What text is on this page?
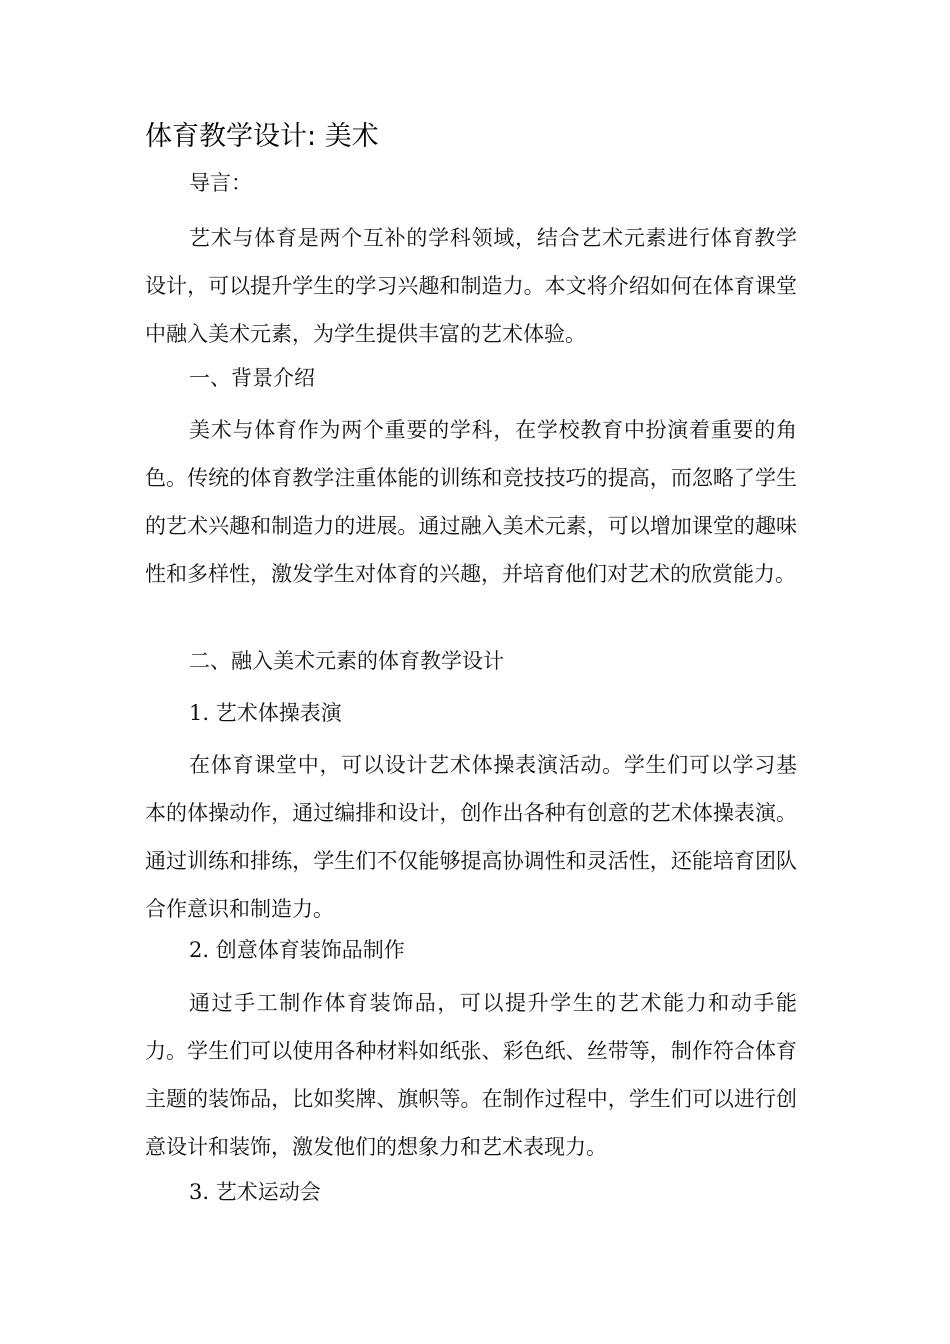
体育教学设计: 美术
导言：

艺术与体育是两个互补的学科领域，结合艺术元素进行体育教学设计，可以提升学生的学习兴趣和制造力。本文将介绍如何在体育课堂中融入美术元素，为学生提供丰富的艺术体验。

一、背景介绍

美术与体育作为两个重要的学科，在学校教育中扮演着重要的角色。传统的体育教学注重体能的训练和竞技技巧的提高，而忽略了学生的艺术兴趣和制造力的进展。通过融入美术元素，可以增加课堂的趣味性和多样性，激发学生对体育的兴趣，并培育他们对艺术的欣赏能力。

二、融入美术元素的体育教学设计
1. 艺术体操表演

在体育课堂中，可以设计艺术体操表演活动。学生们可以学习基本的体操动作，通过编排和设计，创作出各种有创意的艺术体操表演。通过训练和排练，学生们不仅能够提高协调性和灵活性，还能培育团队合作意识和制造力。

2. 创意体育装饰品制作

通过手工制作体育装饰品，可以提升学生的艺术能力和动手能力。学生们可以使用各种材料如纸张、彩色纸、丝带等，制作符合体育主题的装饰品，比如奖牌、旗帜等。在制作过程中，学生们可以进行创意设计和装饰，激发他们的想象力和艺术表现力。

3. 艺术运动会
